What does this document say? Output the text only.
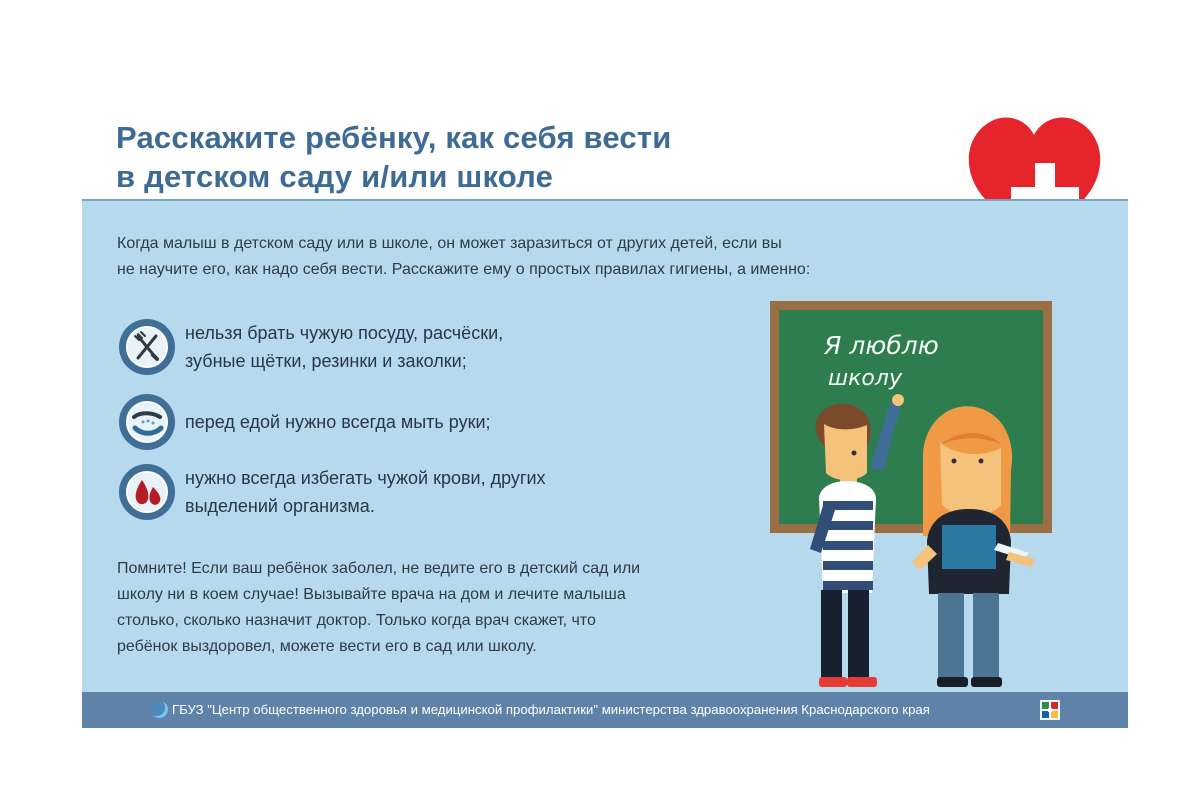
Расскажите ребёнку, как себя вести
в детском саду и/или школе

Когда малыш в детском саду или в школе, он может заразиться от других детей, если вы
не научите его, как надо себя вести. Расскажите ему о простых правилах гигиены, а именно:

нельзя брать чужую посуду, расчёски,
зубные щётки, резинки и заколки;
перед едой нужно всегда мыть руки;
нужно всегда избегать чужой крови, других
выделений организма.

Помните! Если ваш ребёнок заболел, не ведите его в детский сад или
школу ни в коем случае! Вызывайте врача на дом и лечите малыша
столько, сколько назначит доктор. Только когда врач скажет, что
ребёнок выздоровел, можете вести его в сад или школу.

Я люблю
школу
ГБУЗ "Центр общественного здоровья и медицинской профилактики" министерства здравоохранения Краснодарского края
